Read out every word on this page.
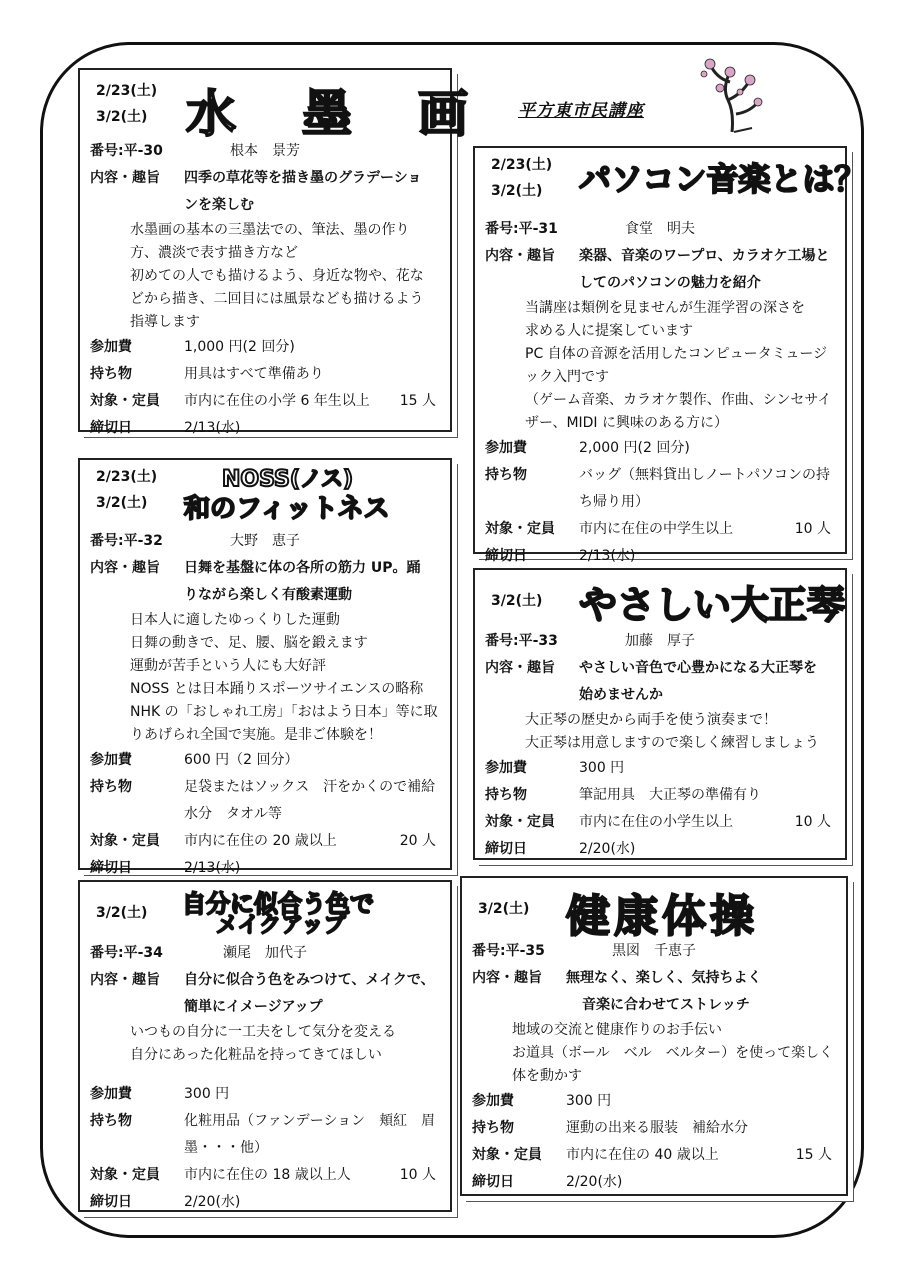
平方東市民講座
2/23(土)
3/2(土) 水　墨　画
番号:平-30	根本　景芳
内容・趣旨 四季の草花等を描き墨のグラデーショ
ンを楽しむ
水墨画の基本の三墨法での、筆法、墨の作り
方、濃淡で表す描き方など
初めての人でも描けるよう、身近な物や、花な
どから描き、二回目には風景なども描けるよう
指導します
参加費	1,000 円(2 回分)
持ち物	用具はすべて準備あり
対象・定員 市内に在住の小学 6 年生以上 15 人
締切日	2/13(水)
2/23(土)
3/2(土) パソコン音楽とは？
番号:平-31	食堂　明夫
内容・趣旨 楽器、音楽のワープロ、カラオケ工場と
してのパソコンの魅力を紹介
当講座は類例を見ませんが生涯学習の深さを
求める人に提案しています
PC 自体の音源を活用したコンピュータミュージ
ック入門です
（ゲーム音楽、カラオケ製作、作曲、シンセサイ
ザー、MIDI に興味のある方に）
参加費	2,000 円(2 回分)
持ち物	バッグ（無料貸出しノートパソコンの持
ち帰り用）
対象・定員 市内に在住の中学生以上	10 人
締切日	2/13(水)
2/23(土)
3/2(土)
NOSS(ノス)
和のフィットネス
番号:平-32	大野　恵子
内容・趣旨 日舞を基盤に体の各所の筋力 UP。踊
りながら楽しく有酸素運動
日本人に適したゆっくりした運動
日舞の動きで、足、腰、脳を鍛えます
運動が苦手という人にも大好評
NOSS とは日本踊りスポーツサイエンスの略称
NHK の「おしゃれ工房」「おはよう日本」等に取
りあげられ全国で実施。是非ご体験を！
参加費	600 円（2 回分）
持ち物	足袋またはソックス　汗をかくので補給
水分　タオル等
対象・定員 市内に在住の 20 歳以上	20 人
締切日	2/13(水)
3/2(土) やさしい大正琴
番号:平-33	加藤　厚子
内容・趣旨 やさしい音色で心豊かになる大正琴を
始めませんか
大正琴の歴史から両手を使う演奏まで！
大正琴は用意しますので楽しく練習しましょう
参加費	300 円
持ち物	筆記用具　大正琴の準備有り
対象・定員 市内に在住の小学生以上	10 人
締切日	2/20(水)
3/2(土) 自分に似合う色で
メイクアップ
番号:平-34	瀬尾　加代子
内容・趣旨 自分に似合う色をみつけて、メイクで、
簡単にイメージアップ
いつもの自分に一工夫をして気分を変える
自分にあった化粧品を持ってきてほしい
参加費	300 円
持ち物	化粧用品（ファンデーション　頬紅　眉
墨・・・他）
対象・定員 市内に在住の 18 歳以上人	10 人
締切日	2/20(水)
3/2(土) 健康体操
番号:平-35	黒図　千恵子
内容・趣旨 無理なく、楽しく、気持ちよく
音楽に合わせてストレッチ
地域の交流と健康作りのお手伝い
お道具（ボール　ベル　ベルター）を使って楽しく
体を動かす
参加費	300 円
持ち物	運動の出来る服装　補給水分
対象・定員 市内に在住の 40 歳以上	15 人
締切日	2/20(水)
